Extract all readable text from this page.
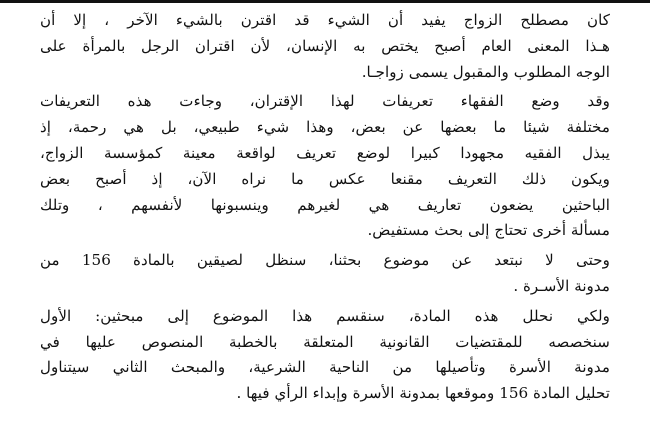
كان مصطلح الزواج يفيد أن الشيء قد اقترن بالشيء الآخر ، إلا أن
هـذا المعنى العام أصبح يختص به الإنسان، لأن اقتران الرجل بالمرأة على
الوجه المطلوب والمقبول يسمى زواجـا.

وقد وضع الفقهاء تعريفات لهذا الإقتران، وجاءت هذه التعريفات
مختلفة شيئا ما بعضها عن بعض، وهذا شيء طبيعي، بل هي رحمة، إذ
يبذل الفقيه مجهودا كبيرا لوضع تعريف لواقعة معينة كمؤسسة الزواج،
ويكون ذلك التعريف مقنعا عكس ما نراه الآن، إذ أصبح بعض
الباحثين يضعون تعاريف هي لغيرهم وينسبونها لأنفسهم ، وتلك
مسألة أخرى تحتاج إلى بحث مستفيض.

وحتى لا نبتعد عن موضوع بحثنا، سنظل لصيقين بالمادة 156 من
مدونة الأسـرة .

ولكي نحلل هذه المادة، سنقسم هذا الموضوع إلى مبحثين: الأول
سنخصصه للمقتضيات القانونية المتعلقة بالخطبة المنصوص عليها في
مدونة الأسرة وتأصيلها من الناحية الشرعية، والمبحث الثاني سيتناول
تحليل المادة 156 وموقعها بمدونة الأسرة وإبداء الرأي فيها .
